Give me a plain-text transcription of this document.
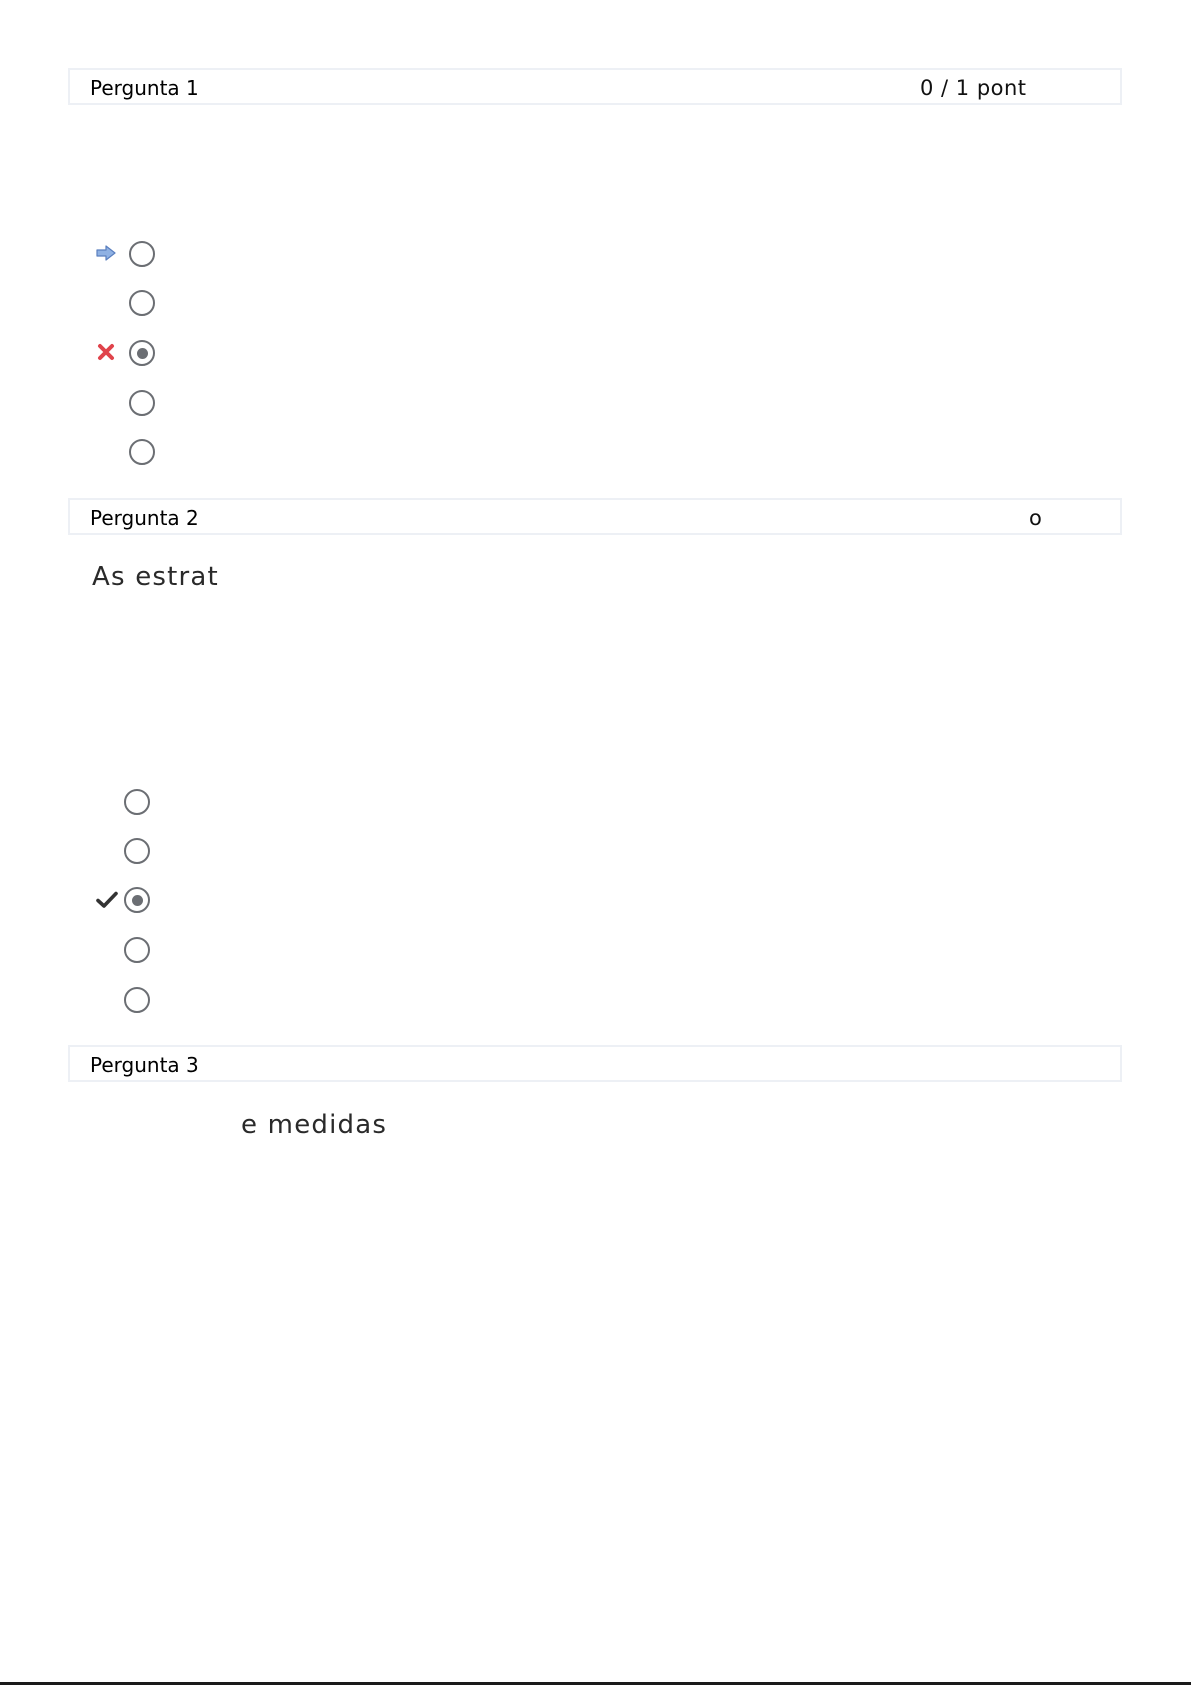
Pergunta 1	0 / 1 pont
Pergunta 2	o
As estrat
Pergunta 3
e medidas
